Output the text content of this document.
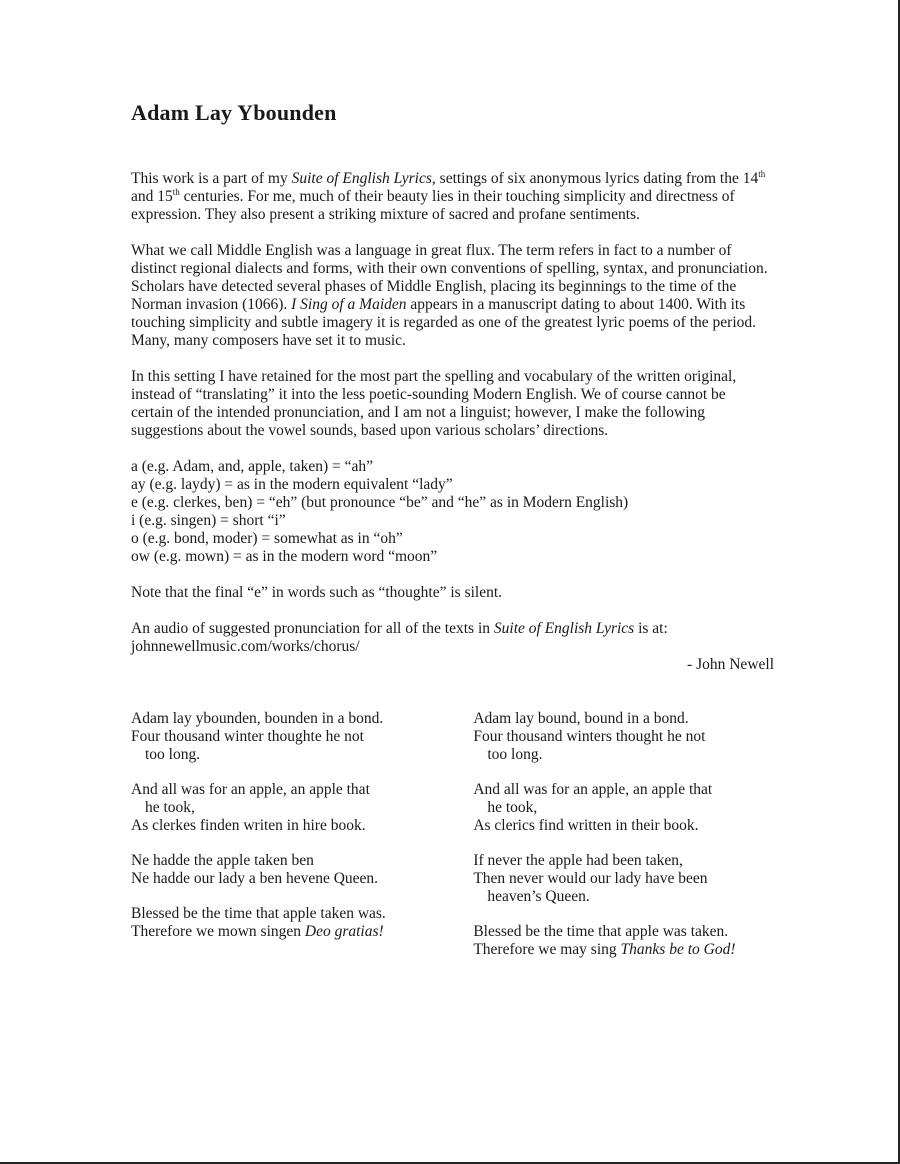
Adam Lay Ybounden

This work is a part of my Suite of English Lyrics, settings of six anonymous lyrics dating from the 14th and 15th centuries. For me, much of their beauty lies in their touching simplicity and directness of expression. They also present a striking mixture of sacred and profane sentiments.

What we call Middle English was a language in great flux. The term refers in fact to a number of distinct regional dialects and forms, with their own conventions of spelling, syntax, and pronunciation. Scholars have detected several phases of Middle English, placing its beginnings to the time of the Norman invasion (1066). I Sing of a Maiden appears in a manuscript dating to about 1400. With its touching simplicity and subtle imagery it is regarded as one of the greatest lyric poems of the period. Many, many composers have set it to music.

In this setting I have retained for the most part the spelling and vocabulary of the written original, instead of “translating” it into the less poetic-sounding Modern English. We of course cannot be certain of the intended pronunciation, and I am not a linguist; however, I make the following suggestions about the vowel sounds, based upon various scholars’ directions.

a (e.g. Adam, and, apple, taken) = “ah”
ay (e.g. laydy) = as in the modern equivalent “lady”
e (e.g. clerkes, ben) = “eh” (but pronounce “be” and “he” as in Modern English)
i (e.g. singen) = short “i”
o (e.g. bond, moder) = somewhat as in “oh”
ow (e.g. mown) = as in the modern word “moon”

Note that the final “e” in words such as “thoughte” is silent.

An audio of suggested pronunciation for all of the texts in Suite of English Lyrics is at:
johnnewellmusic.com/works/chorus/

- John Newell
Adam lay ybounden, bounden in a bond.
Four thousand winter thoughte he not
too long.
And all was for an apple, an apple that
he took,
As clerkes finden writen in hire book.
Ne hadde the apple taken ben
Ne hadde our lady a ben hevene Queen.
Blessed be the time that apple taken was.
Therefore we mown singen Deo gratias!
Adam lay bound, bound in a bond.
Four thousand winters thought he not
too long.
And all was for an apple, an apple that
he took,
As clerics find written in their book.
If never the apple had been taken,
Then never would our lady have been
heaven’s Queen.
Blessed be the time that apple was taken.
Therefore we may sing Thanks be to God!
